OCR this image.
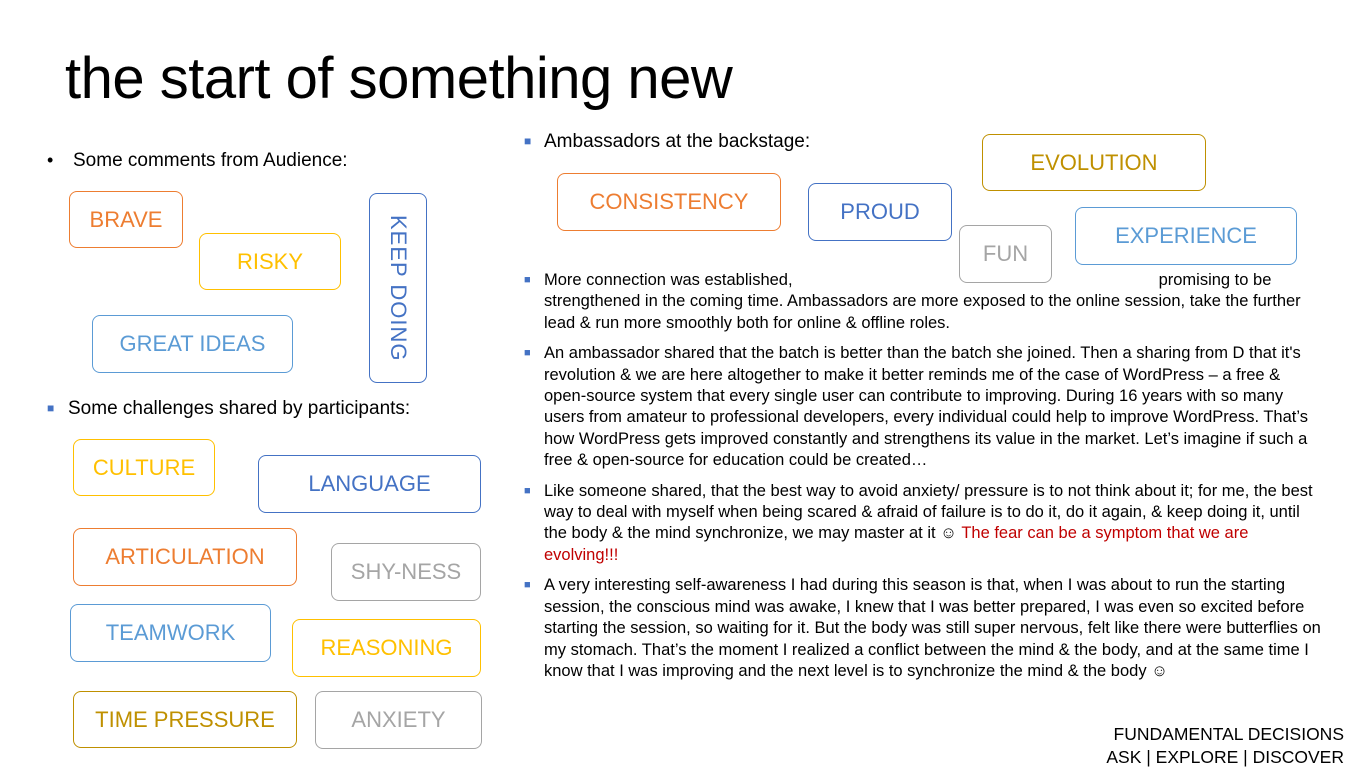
the start of something new
• Some comments from Audience:
BRAVE
RISKY
GREAT IDEAS	KEEP DOING
■ Some challenges shared by participants:
CULTURE
LANGUAGE
ARTICULATION
SHY-NESS
TEAMWORK
REASONING
TIME PRESSURE	ANXIETY
■ Ambassadors at the backstage:
EVOLUTION
CONSISTENCY	PROUD
EXPERIENCE
FUN
■ More connection was established,	promising to be strengthened in the coming time. Ambassadors are more exposed to the online session, take the further lead & run more smoothly both for online & offline roles.
■ An ambassador shared that the batch is better than the batch she joined. Then a sharing from D that it's revolution & we are here altogether to make it better reminds me of the case of WordPress – a free & open-source system that every single user can contribute to improving. During 16 years with so many users from amateur to professional developers, every individual could help to improve WordPress. That’s how WordPress gets improved constantly and strengthens its value in the market. Let’s imagine if such a free & open-source for education could be created…
■ Like someone shared, that the best way to avoid anxiety/ pressure is to not think about it; for me, the best way to deal with myself when being scared & afraid of failure is to do it, do it again, & keep doing it, until the body & the mind synchronize, we may master at it ☺ The fear can be a symptom that we are evolving!!!
■ A very interesting self-awareness I had during this season is that, when I was about to run the starting session, the conscious mind was awake, I knew that I was better prepared, I was even so excited before starting the session, so waiting for it. But the body was still super nervous, felt like there were butterflies on my stomach. That’s the moment I realized a conflict between the mind & the body, and at the same time I know that I was improving and the next level is to synchronize the mind & the body ☺
FUNDAMENTAL DECISIONS
ASK | EXPLORE | DISCOVER
